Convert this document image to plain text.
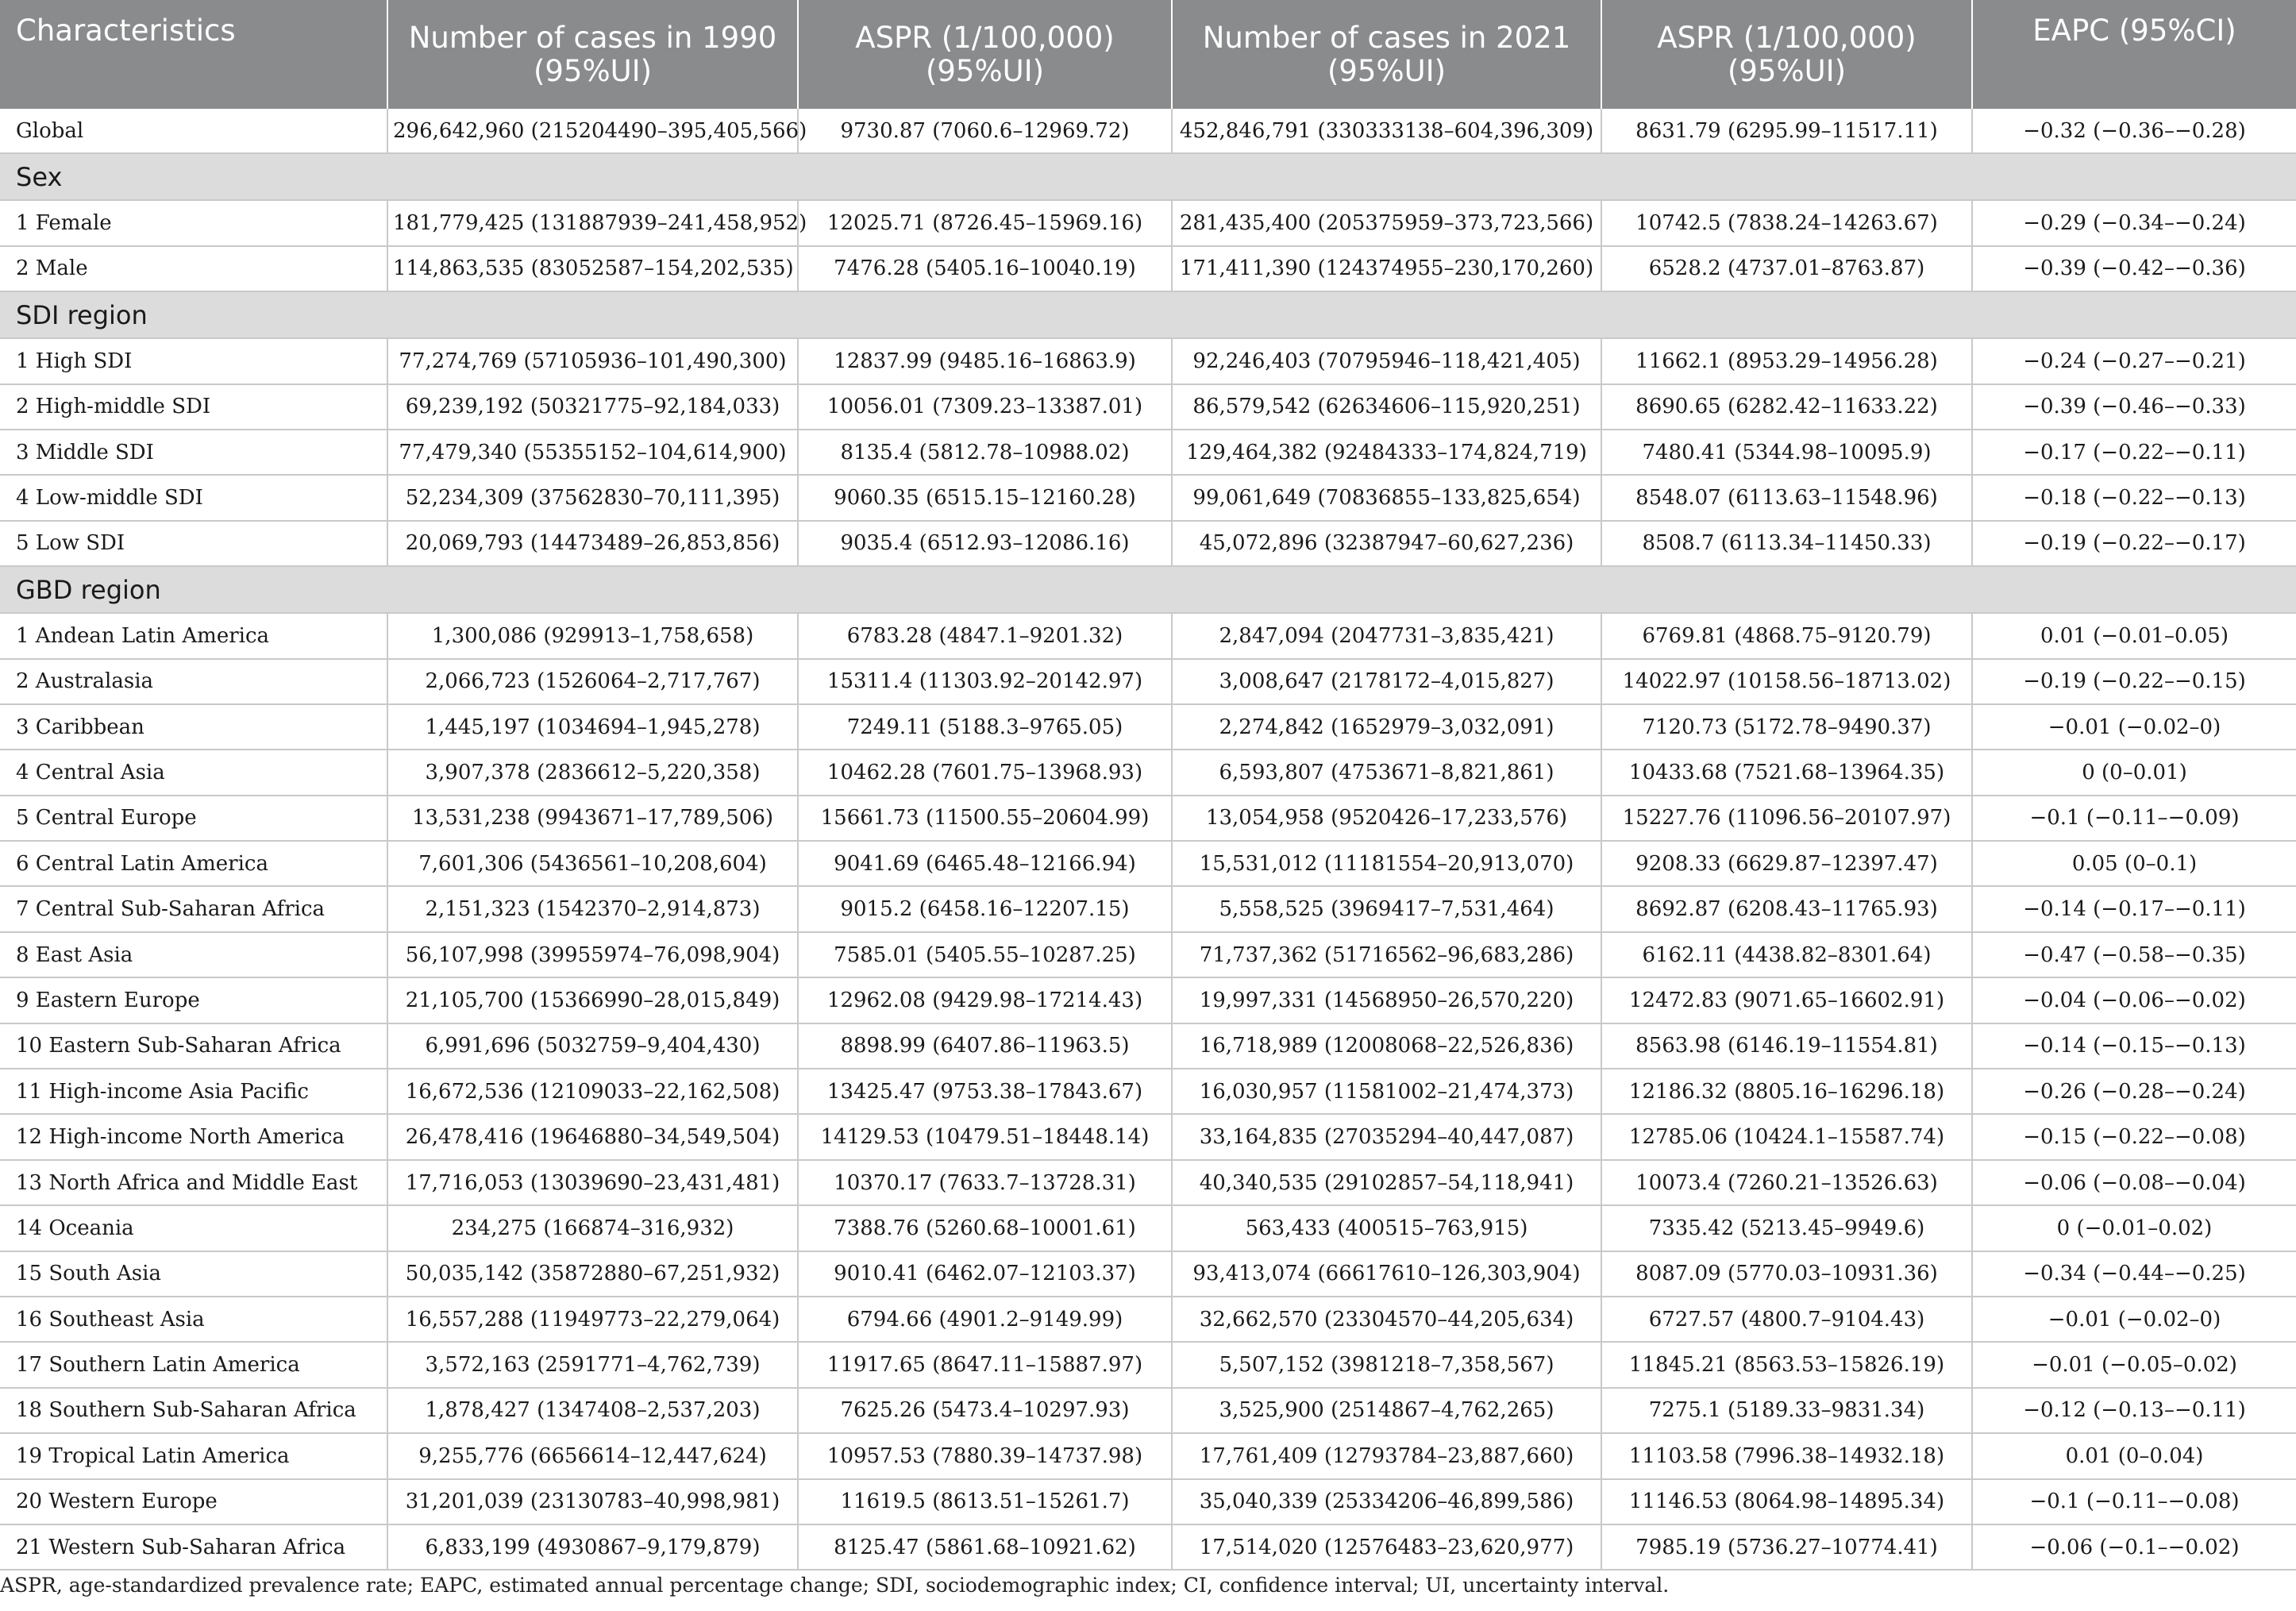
Characteristics	Number of cases in 1990 (95%UI)	ASPR (1/100,000) (95%UI)	Number of cases in 2021 (95%UI)	ASPR (1/100,000) (95%UI)	EAPC (95%CI)
Global	296,642,960 (215204490–395,405,566)	9730.87 (7060.6–12969.72)	452,846,791 (330333138–604,396,309)	8631.79 (6295.99–11517.11)	−0.32 (−0.36–−0.28)
Sex					
1 Female	181,779,425 (131887939–241,458,952)	12025.71 (8726.45–15969.16)	281,435,400 (205375959–373,723,566)	10742.5 (7838.24–14263.67)	−0.29 (−0.34–−0.24)
2 Male	114,863,535 (83052587–154,202,535)	7476.28 (5405.16–10040.19)	171,411,390 (124374955–230,170,260)	6528.2 (4737.01–8763.87)	−0.39 (−0.42–−0.36)
SDI region					
1 High SDI	77,274,769 (57105936–101,490,300)	12837.99 (9485.16–16863.9)	92,246,403 (70795946–118,421,405)	11662.1 (8953.29–14956.28)	−0.24 (−0.27–−0.21)
2 High-middle SDI	69,239,192 (50321775–92,184,033)	10056.01 (7309.23–13387.01)	86,579,542 (62634606–115,920,251)	8690.65 (6282.42–11633.22)	−0.39 (−0.46–−0.33)
3 Middle SDI	77,479,340 (55355152–104,614,900)	8135.4 (5812.78–10988.02)	129,464,382 (92484333–174,824,719)	7480.41 (5344.98–10095.9)	−0.17 (−0.22–−0.11)
4 Low-middle SDI	52,234,309 (37562830–70,111,395)	9060.35 (6515.15–12160.28)	99,061,649 (70836855–133,825,654)	8548.07 (6113.63–11548.96)	−0.18 (−0.22–−0.13)
5 Low SDI	20,069,793 (14473489–26,853,856)	9035.4 (6512.93–12086.16)	45,072,896 (32387947–60,627,236)	8508.7 (6113.34–11450.33)	−0.19 (−0.22–−0.17)
GBD region					
1 Andean Latin America	1,300,086 (929913–1,758,658)	6783.28 (4847.1–9201.32)	2,847,094 (2047731–3,835,421)	6769.81 (4868.75–9120.79)	0.01 (−0.01–0.05)
2 Australasia	2,066,723 (1526064–2,717,767)	15311.4 (11303.92–20142.97)	3,008,647 (2178172–4,015,827)	14022.97 (10158.56–18713.02)	−0.19 (−0.22–−0.15)
3 Caribbean	1,445,197 (1034694–1,945,278)	7249.11 (5188.3–9765.05)	2,274,842 (1652979–3,032,091)	7120.73 (5172.78–9490.37)	−0.01 (−0.02–0)
4 Central Asia	3,907,378 (2836612–5,220,358)	10462.28 (7601.75–13968.93)	6,593,807 (4753671–8,821,861)	10433.68 (7521.68–13964.35)	0 (0–0.01)
5 Central Europe	13,531,238 (9943671–17,789,506)	15661.73 (11500.55–20604.99)	13,054,958 (9520426–17,233,576)	15227.76 (11096.56–20107.97)	−0.1 (−0.11–−0.09)
6 Central Latin America	7,601,306 (5436561–10,208,604)	9041.69 (6465.48–12166.94)	15,531,012 (11181554–20,913,070)	9208.33 (6629.87–12397.47)	0.05 (0–0.1)
7 Central Sub-Saharan Africa	2,151,323 (1542370–2,914,873)	9015.2 (6458.16–12207.15)	5,558,525 (3969417–7,531,464)	8692.87 (6208.43–11765.93)	−0.14 (−0.17–−0.11)
8 East Asia	56,107,998 (39955974–76,098,904)	7585.01 (5405.55–10287.25)	71,737,362 (51716562–96,683,286)	6162.11 (4438.82–8301.64)	−0.47 (−0.58–−0.35)
9 Eastern Europe	21,105,700 (15366990–28,015,849)	12962.08 (9429.98–17214.43)	19,997,331 (14568950–26,570,220)	12472.83 (9071.65–16602.91)	−0.04 (−0.06–−0.02)
10 Eastern Sub-Saharan Africa	6,991,696 (5032759–9,404,430)	8898.99 (6407.86–11963.5)	16,718,989 (12008068–22,526,836)	8563.98 (6146.19–11554.81)	−0.14 (−0.15–−0.13)
11 High-income Asia Pacific	16,672,536 (12109033–22,162,508)	13425.47 (9753.38–17843.67)	16,030,957 (11581002–21,474,373)	12186.32 (8805.16–16296.18)	−0.26 (−0.28–−0.24)
12 High-income North America	26,478,416 (19646880–34,549,504)	14129.53 (10479.51–18448.14)	33,164,835 (27035294–40,447,087)	12785.06 (10424.1–15587.74)	−0.15 (−0.22–−0.08)
13 North Africa and Middle East	17,716,053 (13039690–23,431,481)	10370.17 (7633.7–13728.31)	40,340,535 (29102857–54,118,941)	10073.4 (7260.21–13526.63)	−0.06 (−0.08–−0.04)
14 Oceania	234,275 (166874–316,932)	7388.76 (5260.68–10001.61)	563,433 (400515–763,915)	7335.42 (5213.45–9949.6)	0 (−0.01–0.02)
15 South Asia	50,035,142 (35872880–67,251,932)	9010.41 (6462.07–12103.37)	93,413,074 (66617610–126,303,904)	8087.09 (5770.03–10931.36)	−0.34 (−0.44–−0.25)
16 Southeast Asia	16,557,288 (11949773–22,279,064)	6794.66 (4901.2–9149.99)	32,662,570 (23304570–44,205,634)	6727.57 (4800.7–9104.43)	−0.01 (−0.02–0)
17 Southern Latin America	3,572,163 (2591771–4,762,739)	11917.65 (8647.11–15887.97)	5,507,152 (3981218–7,358,567)	11845.21 (8563.53–15826.19)	−0.01 (−0.05–0.02)
18 Southern Sub-Saharan Africa	1,878,427 (1347408–2,537,203)	7625.26 (5473.4–10297.93)	3,525,900 (2514867–4,762,265)	7275.1 (5189.33–9831.34)	−0.12 (−0.13–−0.11)
19 Tropical Latin America	9,255,776 (6656614–12,447,624)	10957.53 (7880.39–14737.98)	17,761,409 (12793784–23,887,660)	11103.58 (7996.38–14932.18)	0.01 (0–0.04)
20 Western Europe	31,201,039 (23130783–40,998,981)	11619.5 (8613.51–15261.7)	35,040,339 (25334206–46,899,586)	11146.53 (8064.98–14895.34)	−0.1 (−0.11–−0.08)
21 Western Sub-Saharan Africa	6,833,199 (4930867–9,179,879)	8125.47 (5861.68–10921.62)	17,514,020 (12576483–23,620,977)	7985.19 (5736.27–10774.41)	−0.06 (−0.1–−0.02)
ASPR, age-standardized prevalence rate; EAPC, estimated annual percentage change; SDI, sociodemographic index; CI, confidence interval; UI, uncertainty interval.
